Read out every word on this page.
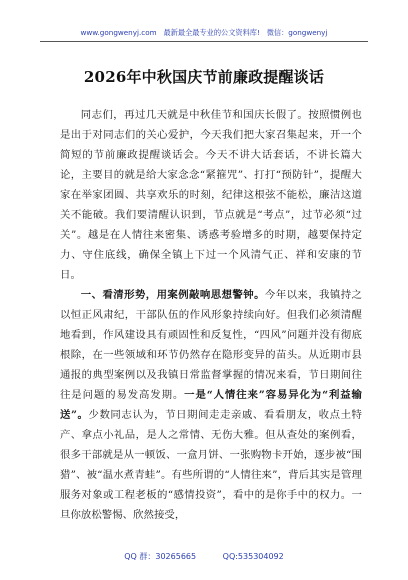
www.gongwenyj.com 最新最全最专业的公文资料库! 微信：gongwenyj
2026年中秋国庆节前廉政提醒谈话

同志们，再过几天就是中秋佳节和国庆长假了。按照惯例也是出于对同志们的关心爱护，今天我们把大家召集起来，开一个简短的节前廉政提醒谈话会。今天不讲大话套话，不讲长篇大论，主要目的就是给大家念念“紧箍咒”、打打“预防针”，提醒大家在举家团圆、共享欢乐的时刻，纪律这根弦不能松，廉洁这道关不能破。我们要清醒认识到，节点就是“考点”，过节必须“过关”。越是在人情往来密集、诱惑考验增多的时期，越要保持定力、守住底线，确保全镇上下过一个风清气正、祥和安康的节日。

一、看清形势，用案例敲响思想警钟。今年以来，我镇持之以恒正风肃纪，干部队伍的作风形象持续向好。但我们必须清醒地看到，作风建设具有顽固性和反复性，“四风”问题并没有彻底根除，在一些领域和环节仍然存在隐形变异的苗头。从近期市县通报的典型案例以及我镇日常监督掌握的情况来看，节日期间往往是问题的易发高发期。一是“人情往来”容易异化为“利益输送”。少数同志认为，节日期间走走亲戚、看看朋友，收点土特产、拿点小礼品，是人之常情、无伤大雅。但从查处的案例看，很多干部就是从一顿饭、一盒月饼、一张购物卡开始，逐步被“围猎”、被“温水煮青蛙”。有些所谓的“人情往来”，背后其实是管理服务对象或工程老板的“感情投资”，看中的是你手中的权力。一旦你放松警惕、欣然接受，

QQ 群：30265665	QQ:535304092
